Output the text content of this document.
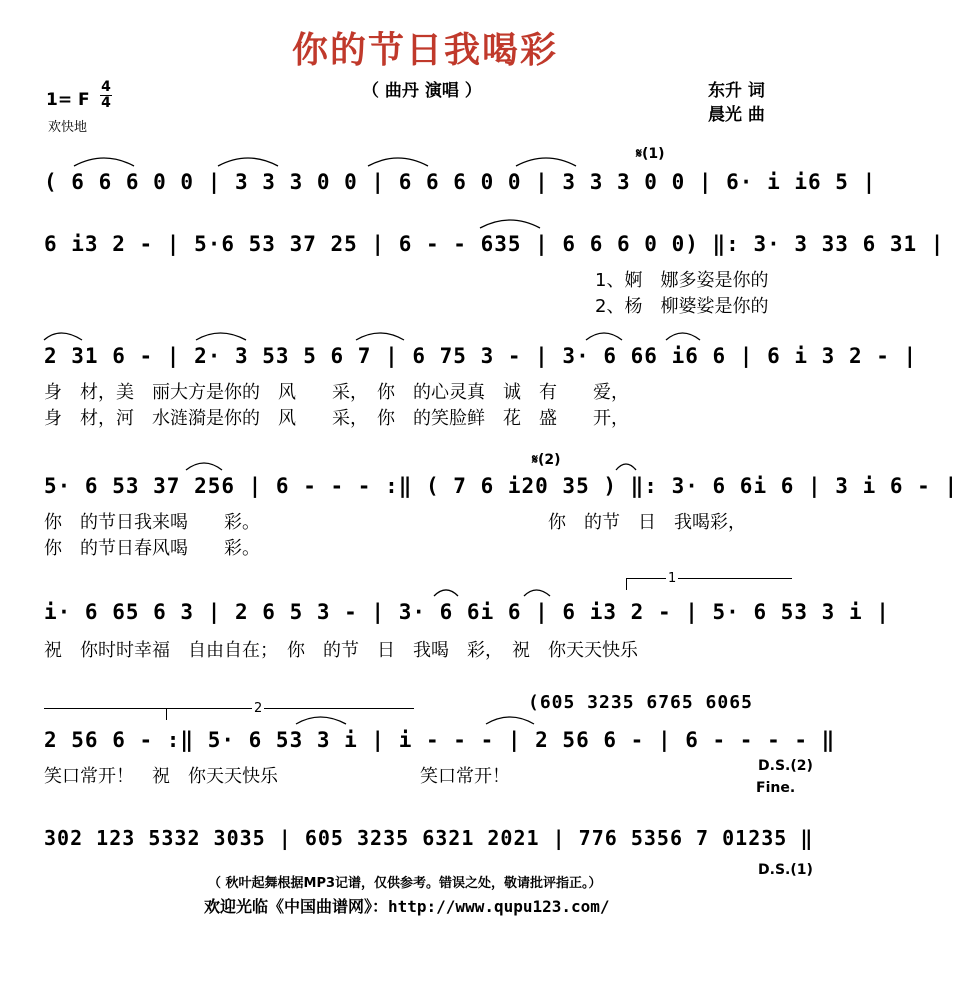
你的节日我喝彩
（ 曲丹 演唱 ）
1= F
4
4
欢快地
东升 词
晨光 曲
𝄋(1)
( 6 6 6 0 0 | 3 3 3 0 0 | 6 6 6 0 0 | 3 3 3 0 0 | 6· i i6 5 |
6 i3 2 - | 5·6 53 37 25 | 6 - - 635 | 6 6 6 0 0) ‖: 3· 3 33 6 31 |
1、婀　娜多姿是你的
2、杨　柳婆娑是你的
2 31 6 - | 2· 3 53 5 6 7 | 6 75 3 - | 3· 6 66 i6 6 | 6 i 3 2 - |
身　材，美　丽大方是你的　风　　采，　你　的心灵真　诚　有　　爱，
身　材，河　水涟漪是你的　风　　采，　你　的笑脸鲜　花　盛　　开，
𝄋(2)
5· 6 53 37 256 | 6 - - - :‖ ( 7 6 i20 35 ) ‖: 3· 6 6i 6 | 3 i 6 - |
你　的节日我来喝　　彩。
你　的节日春风喝　　彩。
你　的节　日　我喝彩，
1
i· 6 65 6 3 | 2 6 5 3 - | 3· 6 6i 6 | 6 i3 2 - | 5· 6 53 3 i |
祝　你时时幸福　自由自在；　你　的节　日　我喝　彩，　祝　你天天快乐
2	(605 3235 6765 6065
2 56 6 - :‖ 5· 6 53 3 i | i - - - | 2 56 6 - | 6 - - - - ‖
笑口常开！　祝　你天天快乐	笑口常开！	D.S.(2)
Fine.
302 123 5332 3035 | 605 3235 6321 2021 | 776 5356 7 01235 ‖
D.S.(1)
（ 秋叶起舞根据MP3记谱，仅供参考。错误之处，敬请批评指正。）
欢迎光临《中国曲谱网》：http://www.qupu123.com/
